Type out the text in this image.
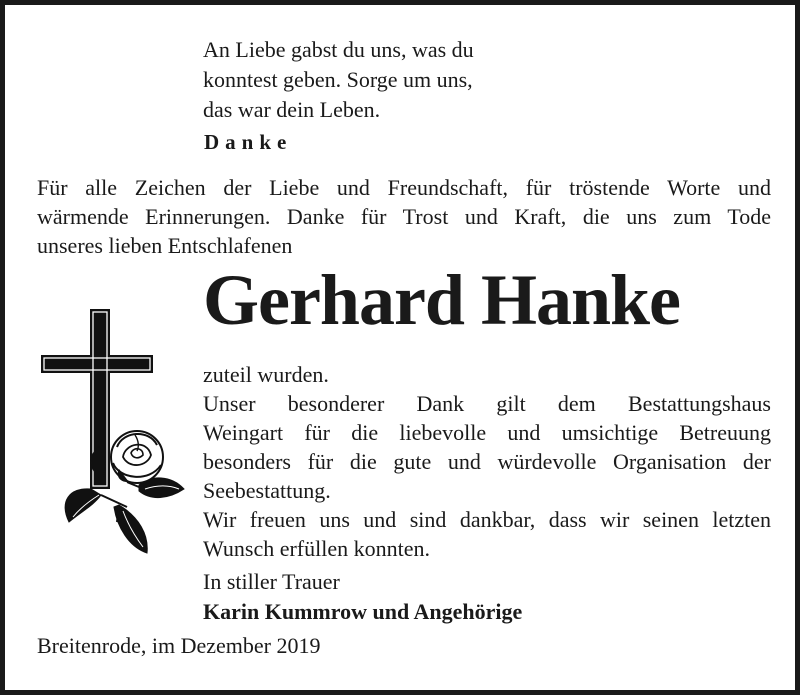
An Liebe gabst du uns, was du
konntest geben. Sorge um uns,
das war dein Leben.
Danke
Für alle Zeichen der Liebe und Freundschaft, für tröstende Worte und
wärmende Erinnerungen. Danke für Trost und Kraft, die uns zum Tode
unseres lieben Entschlafenen
Gerhard Hanke
zuteil wurden.
Unser besonderer Dank gilt dem Bestattungshaus
Weingart für die liebevolle und umsichtige Betreuung
besonders für die gute und würdevolle Organisation der
Seebestattung.
Wir freuen uns und sind dankbar, dass wir seinen letzten
Wunsch erfüllen konnten.
In stiller Trauer
Karin Kummrow und Angehörige
Breitenrode, im Dezember 2019
